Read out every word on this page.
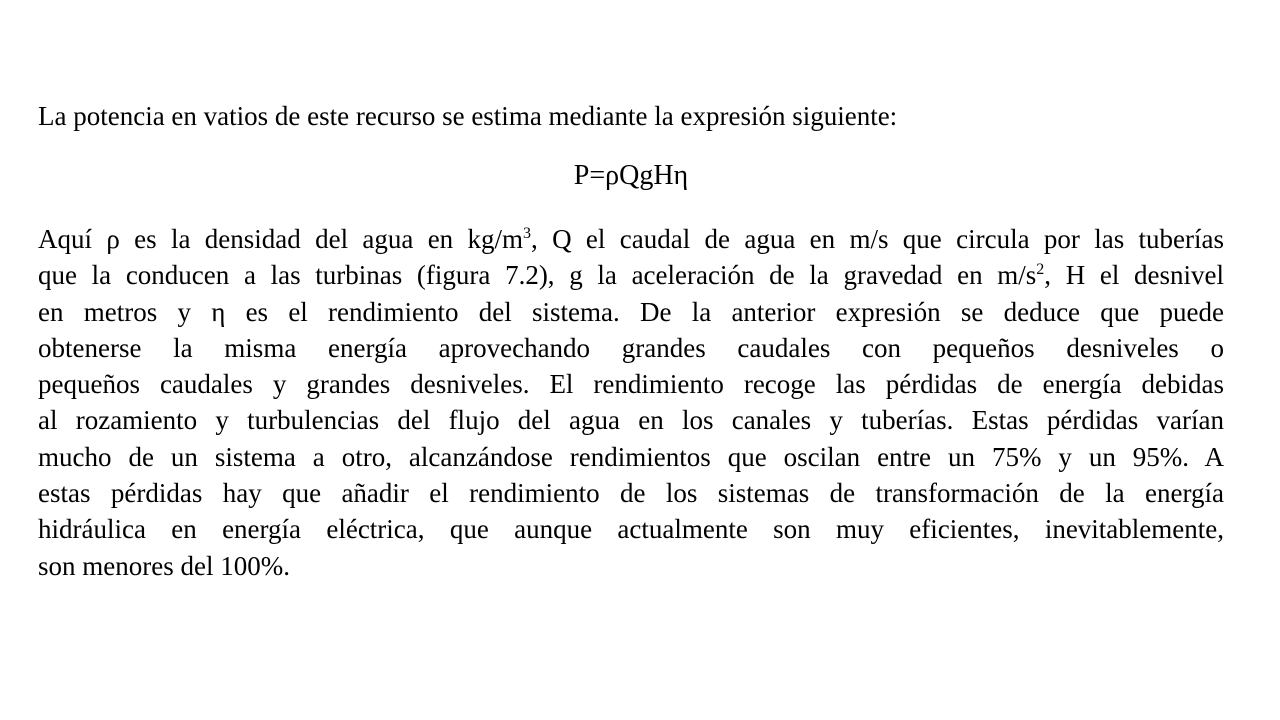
La potencia en vatios de este recurso se estima mediante la expresión siguiente:
P=ρQgHη
Aquí ρ es la densidad del agua en $kg/m^3$, Q el caudal de agua en m/s que circula por las tuberías
que la conducen a las turbinas (figura 7.2), g la aceleración de la gravedad en $m/s^2$, H el desnivel
en metros y η es el rendimiento del sistema. De la anterior expresión se deduce que puede
obtenerse la misma energía aprovechando grandes caudales con pequeños desniveles o
pequeños caudales y grandes desniveles. El rendimiento recoge las pérdidas de energía debidas
al rozamiento y turbulencias del flujo del agua en los canales y tuberías. Estas pérdidas varían
mucho de un sistema a otro, alcanzándose rendimientos que oscilan entre un 75% y un 95%. A
estas pérdidas hay que añadir el rendimiento de los sistemas de transformación de la energía
hidráulica en energía eléctrica, que aunque actualmente son muy eficientes, inevitablemente,
son menores del 100%.
